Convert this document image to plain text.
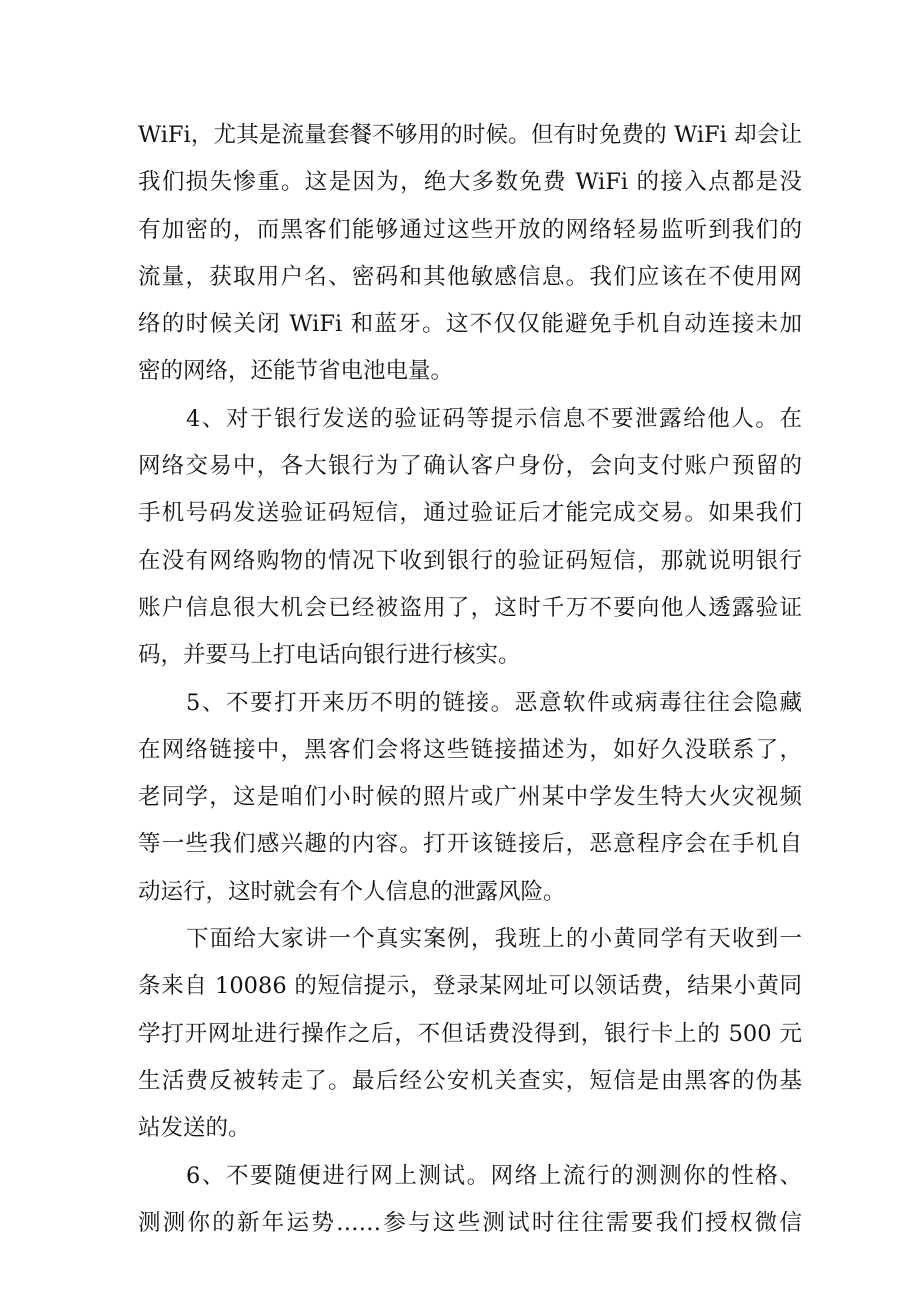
WiFi，尤其是流量套餐不够用的时候。但有时免费的 WiFi 却会让
我们损失惨重。这是因为，绝大多数免费 WiFi 的接入点都是没
有加密的，而黑客们能够通过这些开放的网络轻易监听到我们的
流量，获取用户名、密码和其他敏感信息。我们应该在不使用网
络的时候关闭 WiFi 和蓝牙。这不仅仅能避免手机自动连接未加
密的网络，还能节省电池电量。
4、对于银行发送的验证码等提示信息不要泄露给他人。在
网络交易中，各大银行为了确认客户身份，会向支付账户预留的
手机号码发送验证码短信，通过验证后才能完成交易。如果我们
在没有网络购物的情况下收到银行的验证码短信，那就说明银行
账户信息很大机会已经被盗用了，这时千万不要向他人透露验证
码，并要马上打电话向银行进行核实。
5、不要打开来历不明的链接。恶意软件或病毒往往会隐藏
在网络链接中，黑客们会将这些链接描述为，如好久没联系了，
老同学，这是咱们小时候的照片或广州某中学发生特大火灾视频
等一些我们感兴趣的内容。打开该链接后，恶意程序会在手机自
动运行，这时就会有个人信息的泄露风险。
下面给大家讲一个真实案例，我班上的小黄同学有天收到一
条来自 10086 的短信提示，登录某网址可以领话费，结果小黄同
学打开网址进行操作之后，不但话费没得到，银行卡上的 500 元
生活费反被转走了。最后经公安机关查实，短信是由黑客的伪基
站发送的。
6、不要随便进行网上测试。网络上流行的测测你的性格、
测测你的新年运势……参与这些测试时往往需要我们授权微信
